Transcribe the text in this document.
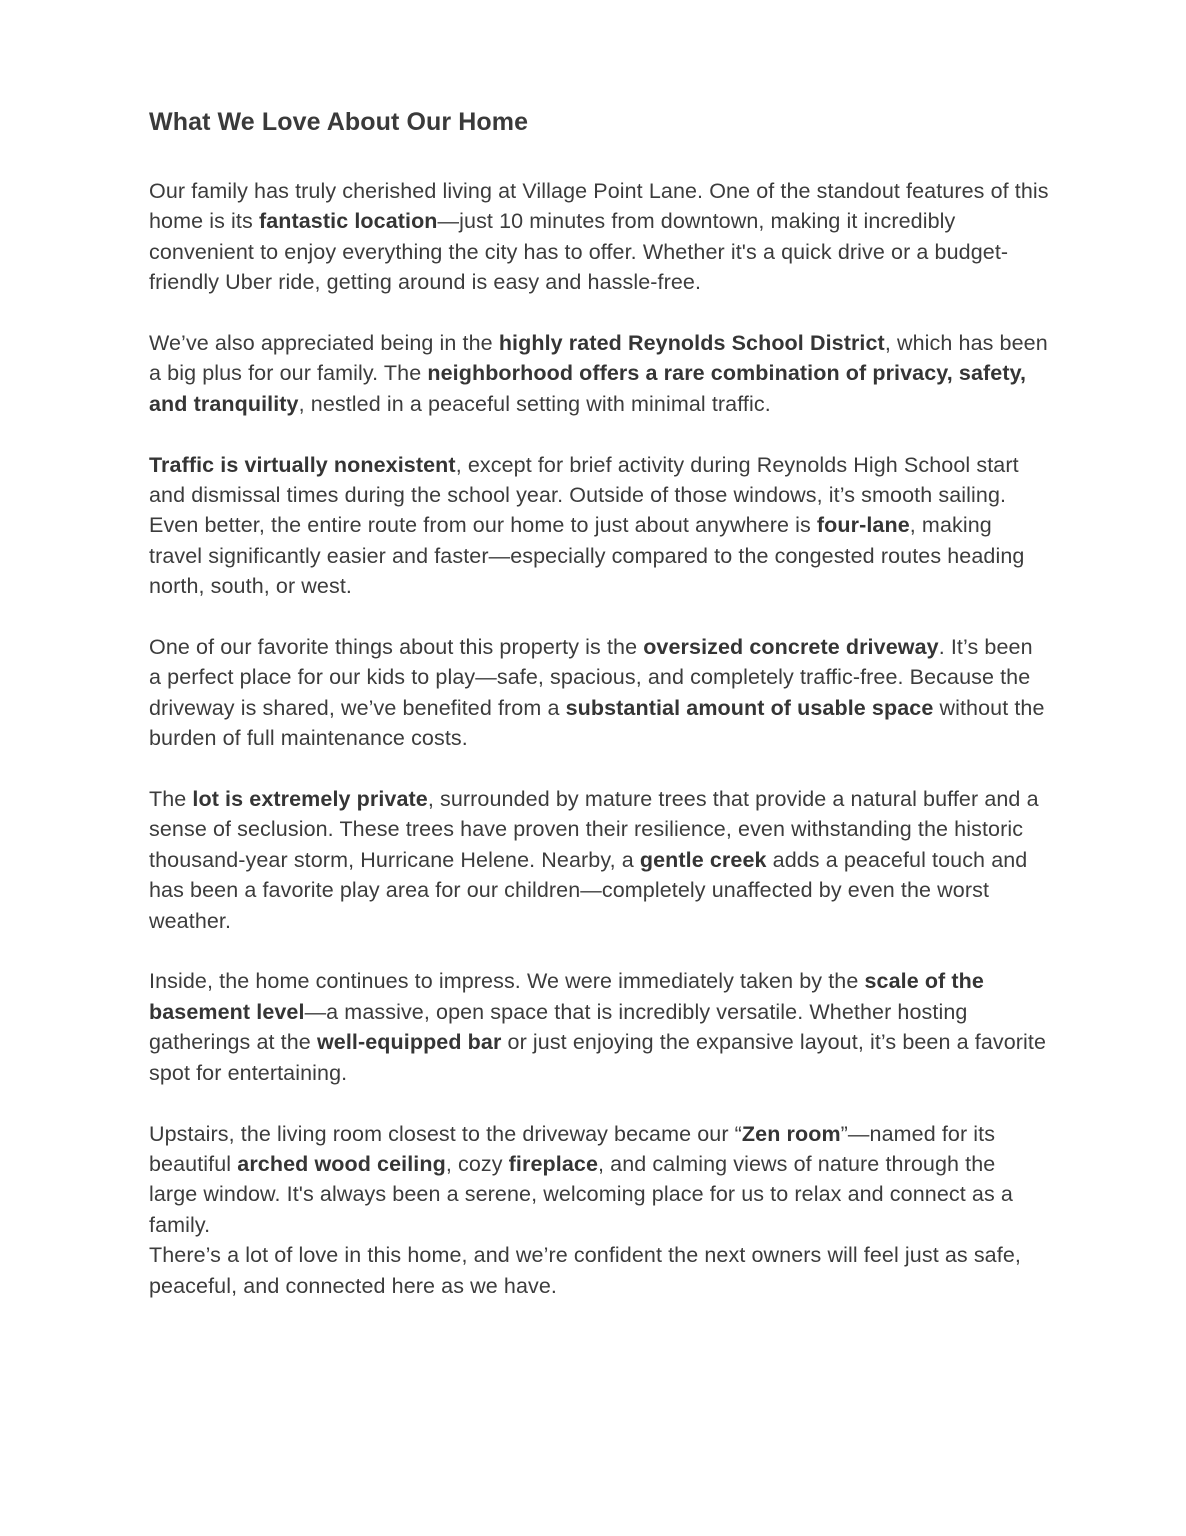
What We Love About Our Home

Our family has truly cherished living at Village Point Lane. One of the standout features of this home is its fantastic location—just 10 minutes from downtown, making it incredibly convenient to enjoy everything the city has to offer. Whether it's a quick drive or a budget-friendly Uber ride, getting around is easy and hassle-free.

We’ve also appreciated being in the highly rated Reynolds School District, which has been a big plus for our family. The neighborhood offers a rare combination of privacy, safety, and tranquility, nestled in a peaceful setting with minimal traffic.

Traffic is virtually nonexistent, except for brief activity during Reynolds High School start and dismissal times during the school year. Outside of those windows, it’s smooth sailing. Even better, the entire route from our home to just about anywhere is four-lane, making travel significantly easier and faster—especially compared to the congested routes heading north, south, or west.

One of our favorite things about this property is the oversized concrete driveway. It’s been a perfect place for our kids to play—safe, spacious, and completely traffic-free. Because the driveway is shared, we’ve benefited from a substantial amount of usable space without the burden of full maintenance costs.

The lot is extremely private, surrounded by mature trees that provide a natural buffer and a sense of seclusion. These trees have proven their resilience, even withstanding the historic thousand-year storm, Hurricane Helene. Nearby, a gentle creek adds a peaceful touch and has been a favorite play area for our children—completely unaffected by even the worst weather.

Inside, the home continues to impress. We were immediately taken by the scale of the basement level—a massive, open space that is incredibly versatile. Whether hosting gatherings at the well-equipped bar or just enjoying the expansive layout, it’s been a favorite spot for entertaining.

Upstairs, the living room closest to the driveway became our “Zen room”—named for its beautiful arched wood ceiling, cozy fireplace, and calming views of nature through the large window. It's always been a serene, welcoming place for us to relax and connect as a family.

There’s a lot of love in this home, and we’re confident the next owners will feel just as safe, peaceful, and connected here as we have.
